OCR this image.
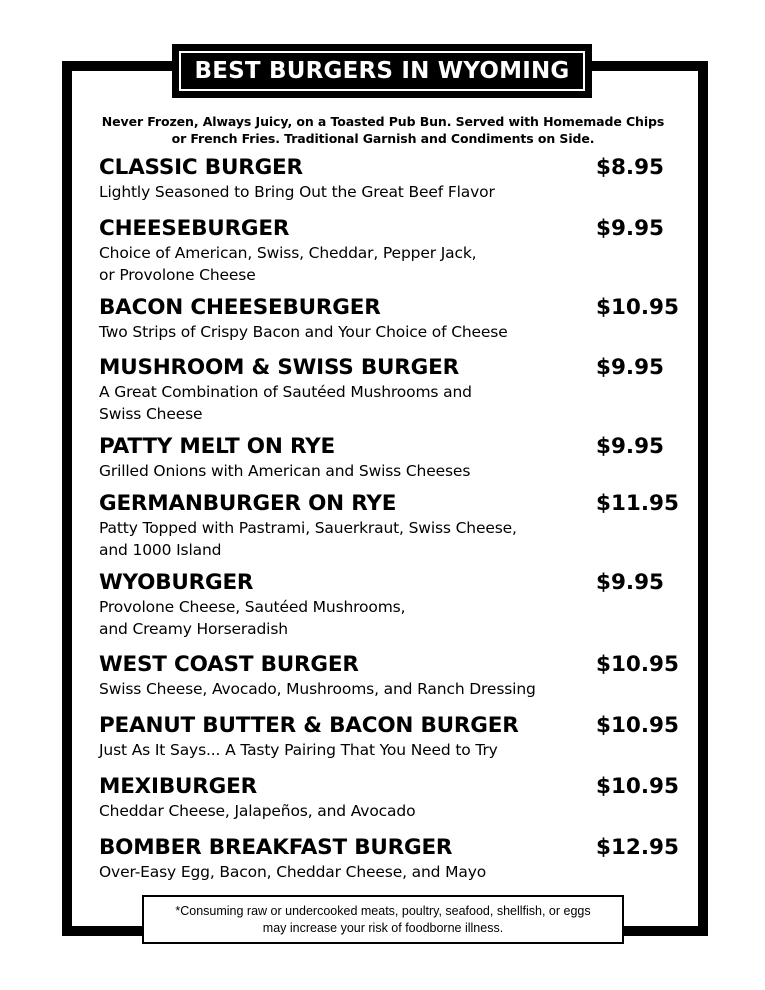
BEST BURGERS IN WYOMING
Never Frozen, Always Juicy, on a Toasted Pub Bun. Served with Homemade Chips
or French Fries. Traditional Garnish and Condiments on Side.
CLASSIC BURGER	$8.95
Lightly Seasoned to Bring Out the Great Beef Flavor
CHEESEBURGER	$9.95
Choice of American, Swiss, Cheddar, Pepper Jack,
or Provolone Cheese
BACON CHEESEBURGER	$10.95
Two Strips of Crispy Bacon and Your Choice of Cheese
MUSHROOM & SWISS BURGER	$9.95
A Great Combination of Sautéed Mushrooms and
Swiss Cheese
PATTY MELT ON RYE	$9.95
Grilled Onions with American and Swiss Cheeses
GERMANBURGER ON RYE	$11.95
Patty Topped with Pastrami, Sauerkraut, Swiss Cheese,
and 1000 Island
WYOBURGER	$9.95
Provolone Cheese, Sautéed Mushrooms,
and Creamy Horseradish
WEST COAST BURGER	$10.95
Swiss Cheese, Avocado, Mushrooms, and Ranch Dressing
PEANUT BUTTER & BACON BURGER	$10.95
Just As It Says... A Tasty Pairing That You Need to Try
MEXIBURGER	$10.95
Cheddar Cheese, Jalapeños, and Avocado
BOMBER BREAKFAST BURGER	$12.95
Over-Easy Egg, Bacon, Cheddar Cheese, and Mayo
*Consuming raw or undercooked meats, poultry, seafood, shellfish, or eggs
may increase your risk of foodborne illness.
